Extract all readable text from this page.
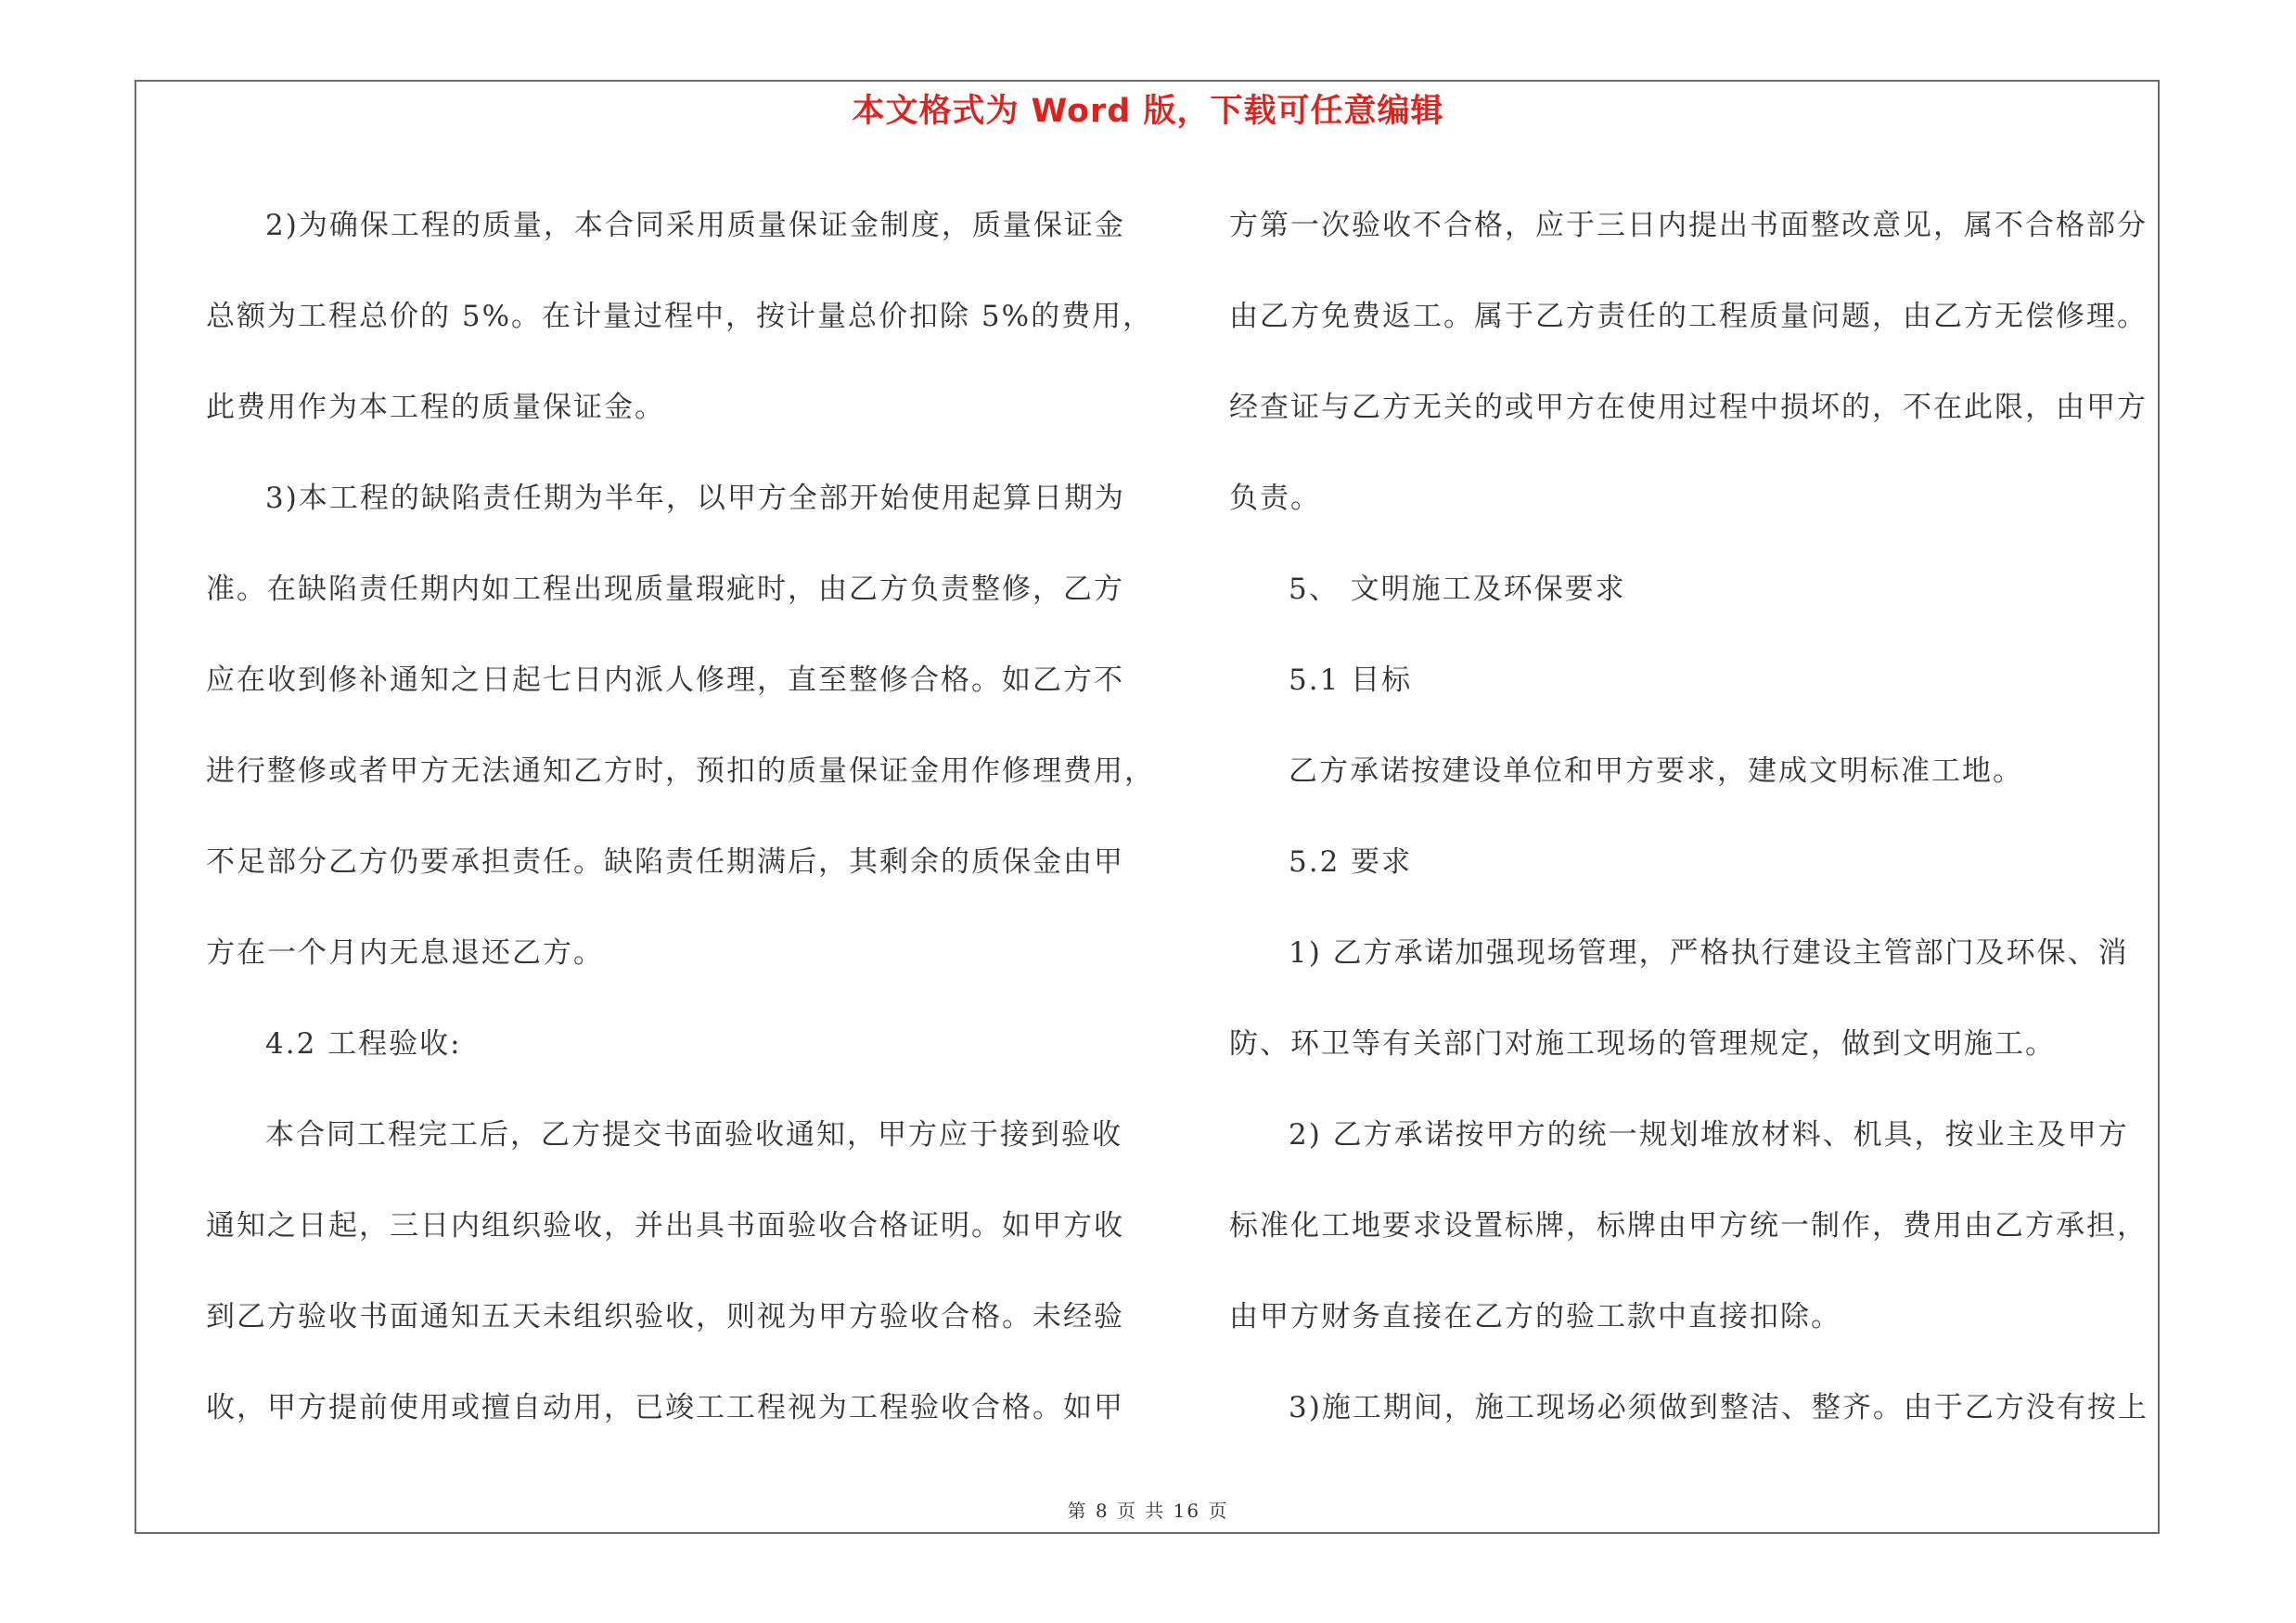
本文格式为 Word 版，下载可任意编辑
2)为确保工程的质量，本合同采用质量保证金制度，质量保证金
总额为工程总价的 5%。在计量过程中，按计量总价扣除 5%的费用，
此费用作为本工程的质量保证金。
3)本工程的缺陷责任期为半年，以甲方全部开始使用起算日期为
准。在缺陷责任期内如工程出现质量瑕疵时，由乙方负责整修，乙方
应在收到修补通知之日起七日内派人修理，直至整修合格。如乙方不
进行整修或者甲方无法通知乙方时，预扣的质量保证金用作修理费用，
不足部分乙方仍要承担责任。缺陷责任期满后，其剩余的质保金由甲
方在一个月内无息退还乙方。
4.2 工程验收:
本合同工程完工后，乙方提交书面验收通知，甲方应于接到验收
通知之日起，三日内组织验收，并出具书面验收合格证明。如甲方收
到乙方验收书面通知五天未组织验收，则视为甲方验收合格。未经验
收，甲方提前使用或擅自动用，已竣工工程视为工程验收合格。如甲
方第一次验收不合格，应于三日内提出书面整改意见，属不合格部分
由乙方免费返工。属于乙方责任的工程质量问题，由乙方无偿修理。
经查证与乙方无关的或甲方在使用过程中损坏的，不在此限，由甲方
负责。
5、 文明施工及环保要求
5.1 目标
乙方承诺按建设单位和甲方要求，建成文明标准工地。
5.2 要求
1) 乙方承诺加强现场管理，严格执行建设主管部门及环保、消
防、环卫等有关部门对施工现场的管理规定，做到文明施工。
2) 乙方承诺按甲方的统一规划堆放材料、机具，按业主及甲方
标准化工地要求设置标牌，标牌由甲方统一制作，费用由乙方承担，
由甲方财务直接在乙方的验工款中直接扣除。
3)施工期间，施工现场必须做到整洁、整齐。由于乙方没有按上
第 8 页 共 16 页
